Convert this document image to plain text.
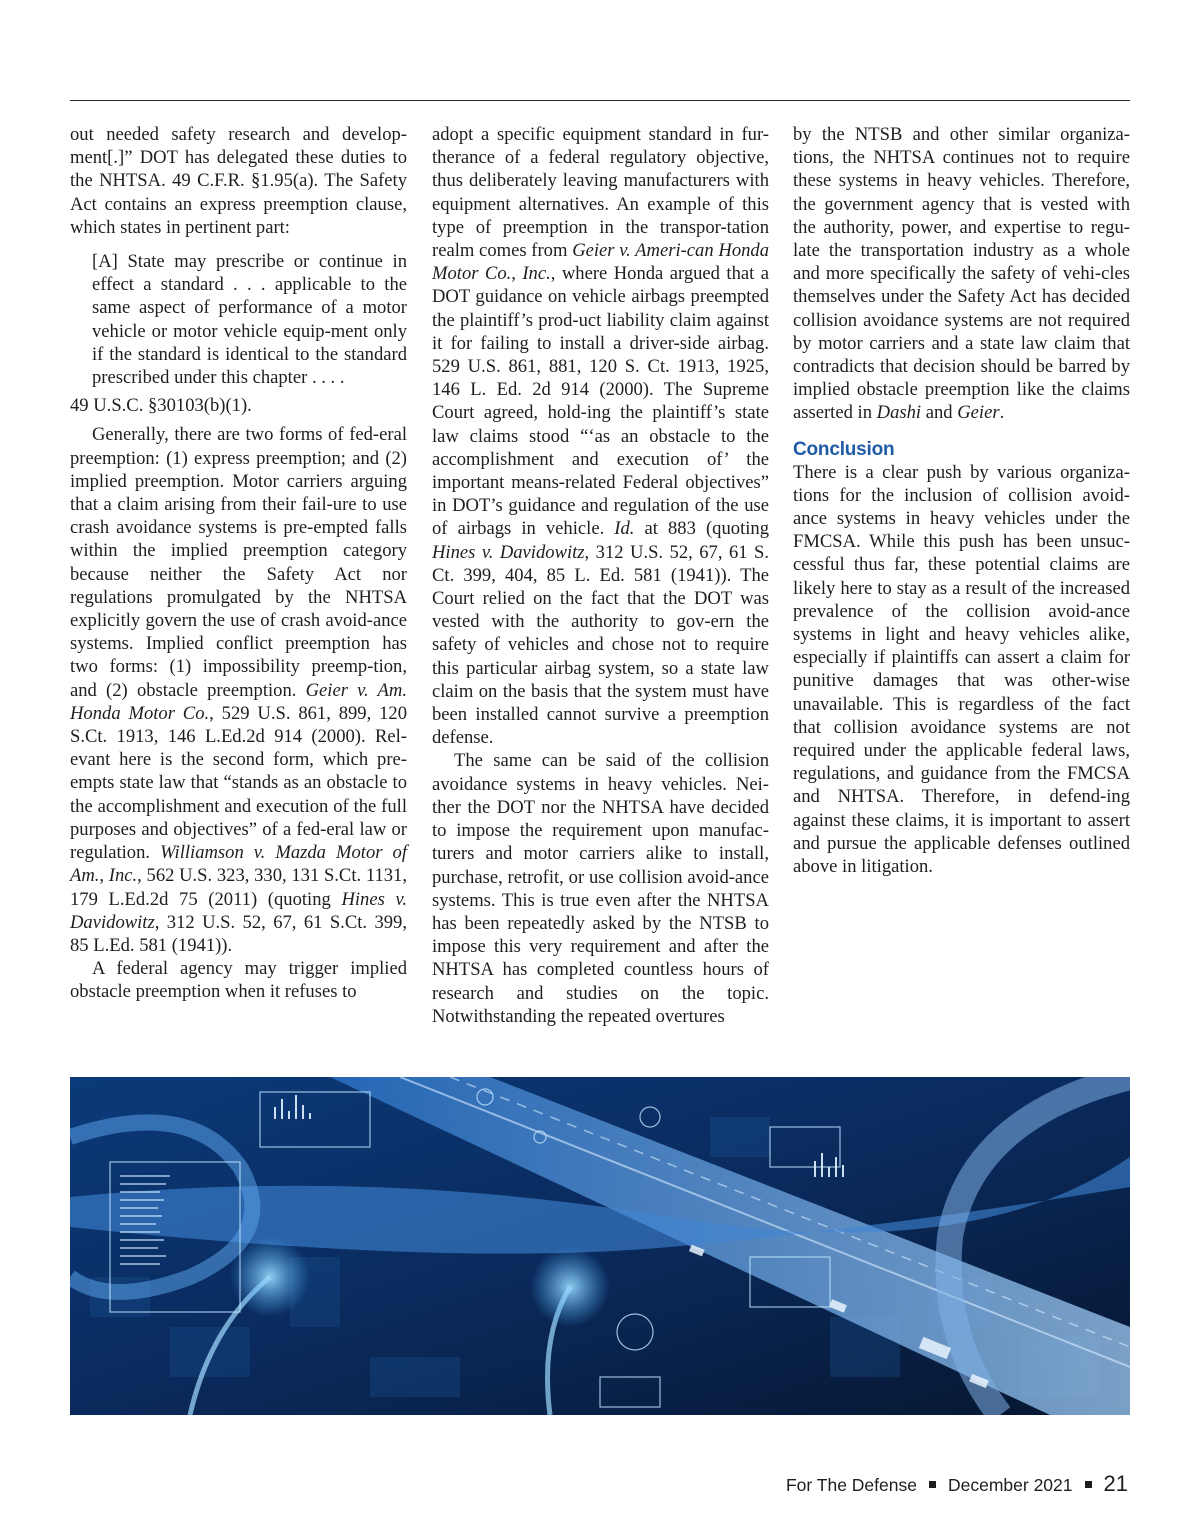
out needed safety research and develop-ment[.]” DOT has delegated these duties to the NHTSA. 49 C.F.R. §1.95(a). The Safety Act contains an express preemption clause, which states in pertinent part:

[A] State may prescribe or continue in effect a standard . . . applicable to the same aspect of performance of a motor vehicle or motor vehicle equip-ment only if the standard is identical to the standard prescribed under this chapter . . . .

49 U.S.C. §30103(b)(1).

Generally, there are two forms of fed-eral preemption: (1) express preemption; and (2) implied preemption. Motor carriers arguing that a claim arising from their fail-ure to use crash avoidance systems is pre-empted falls within the implied preemption category because neither the Safety Act nor regulations promulgated by the NHTSA explicitly govern the use of crash avoid-ance systems. Implied conflict preemption has two forms: (1) impossibility preemp-tion, and (2) obstacle preemption. Geier v. Am. Honda Motor Co., 529 U.S. 861, 899, 120 S.Ct. 1913, 146 L.Ed.2d 914 (2000). Rel-evant here is the second form, which pre-empts state law that “stands as an obstacle to the accomplishment and execution of the full purposes and objectives” of a fed-eral law or regulation. Williamson v. Mazda Motor of Am., Inc., 562 U.S. 323, 330, 131 S.Ct. 1131, 179 L.Ed.2d 75 (2011) (quoting Hines v. Davidowitz, 312 U.S. 52, 67, 61 S.Ct. 399, 85 L.Ed. 581 (1941)).

A federal agency may trigger implied obstacle preemption when it refuses to

adopt a specific equipment standard in fur-therance of a federal regulatory objective, thus deliberately leaving manufacturers with equipment alternatives. An example of this type of preemption in the transpor-tation realm comes from Geier v. Ameri-can Honda Motor Co., Inc., where Honda argued that a DOT guidance on vehicle airbags preempted the plaintiff’s prod-uct liability claim against it for failing to install a driver-side airbag. 529 U.S. 861, 881, 120 S. Ct. 1913, 1925, 146 L. Ed. 2d 914 (2000). The Supreme Court agreed, hold-ing the plaintiff’s state law claims stood “‘as an obstacle to the accomplishment and execution of’ the important means-related Federal objectives” in DOT’s guidance and regulation of the use of airbags in vehicle. Id. at 883 (quoting Hines v. Davidowitz, 312 U.S. 52, 67, 61 S. Ct. 399, 404, 85 L. Ed. 581 (1941)). The Court relied on the fact that the DOT was vested with the authority to gov-ern the safety of vehicles and chose not to require this particular airbag system, so a state law claim on the basis that the system must have been installed cannot survive a preemption defense.

The same can be said of the collision avoidance systems in heavy vehicles. Nei-ther the DOT nor the NHTSA have decided to impose the requirement upon manufac-turers and motor carriers alike to install, purchase, retrofit, or use collision avoid-ance systems. This is true even after the NHTSA has been repeatedly asked by the NTSB to impose this very requirement and after the NHTSA has completed countless hours of research and studies on the topic. Notwithstanding the repeated overtures

by the NTSB and other similar organiza-tions, the NHTSA continues not to require these systems in heavy vehicles. Therefore, the government agency that is vested with the authority, power, and expertise to regu-late the transportation industry as a whole and more specifically the safety of vehi-cles themselves under the Safety Act has decided collision avoidance systems are not required by motor carriers and a state law claim that contradicts that decision should be barred by implied obstacle preemption like the claims asserted in Dashi and Geier.

Conclusion

There is a clear push by various organiza-tions for the inclusion of collision avoid-ance systems in heavy vehicles under the FMCSA. While this push has been unsuc-cessful thus far, these potential claims are likely here to stay as a result of the increased prevalence of the collision avoid-ance systems in light and heavy vehicles alike, especially if plaintiffs can assert a claim for punitive damages that was other-wise unavailable. This is regardless of the fact that collision avoidance systems are not required under the applicable federal laws, regulations, and guidance from the FMCSA and NHTSA. Therefore, in defend-ing against these claims, it is important to assert and pursue the applicable defenses outlined above in litigation.

For The Defense December 2021 21
